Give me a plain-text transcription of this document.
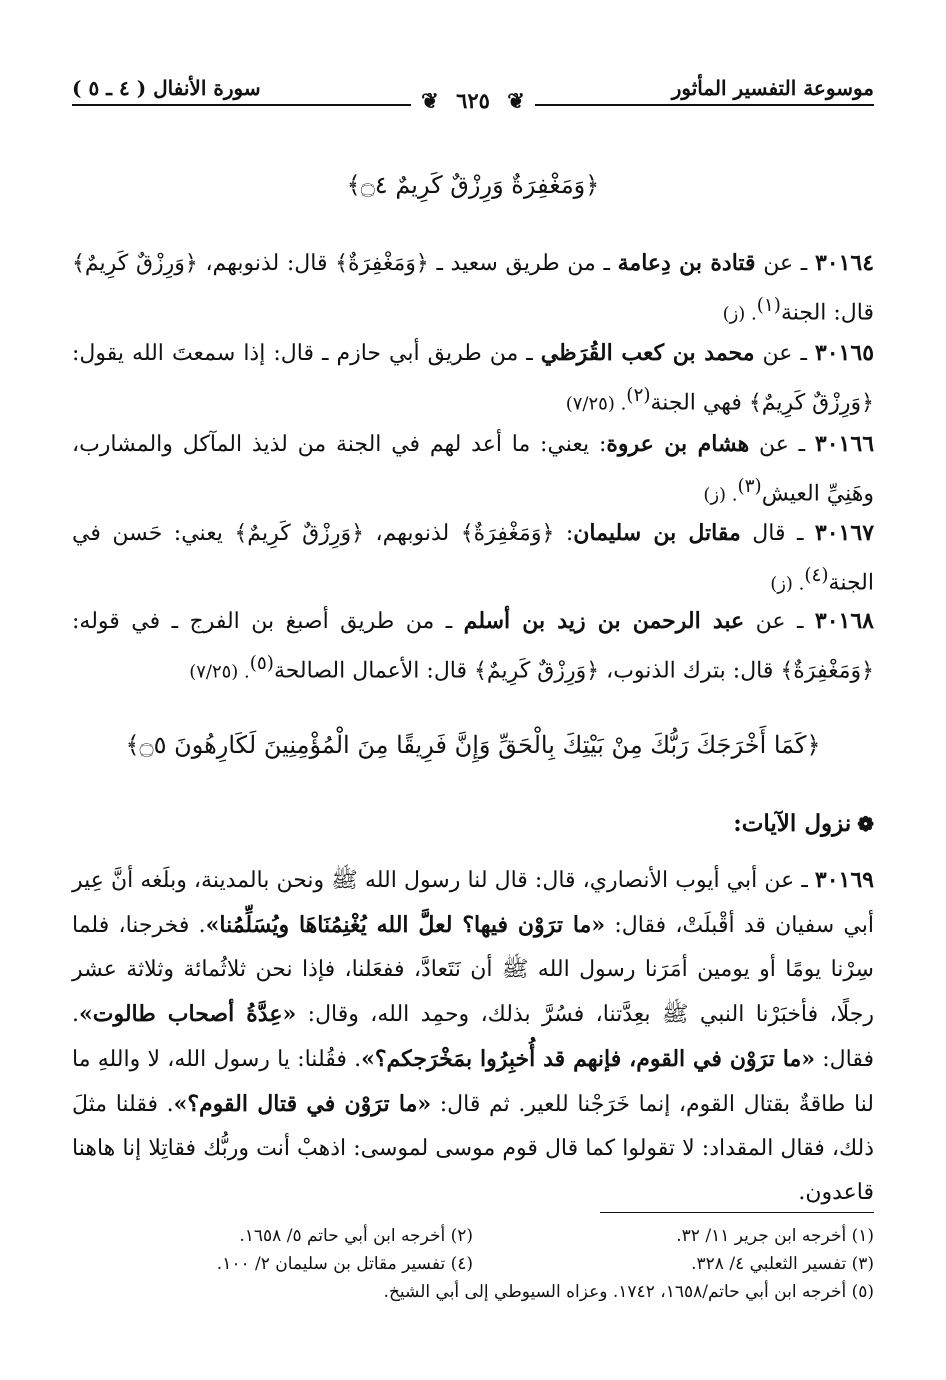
موسوعة التفسير المأثور
سورة الأنفال ( ٤ ـ ٥ )	❦ ٦٢٥ ❦
﴿وَمَغْفِرَةٌ وَرِزْقٌ كَرِيمٌ ۝٤﴾
٣٠١٦٤ ـ عن قتادة بن دِعامة ـ من طريق سعيد ـ ﴿وَمَغْفِرَةٌ﴾ قال: لذنوبهم، ﴿وَرِزْقٌ كَرِيمٌ﴾ قال: الجنة$^{(١)}$. (ز)
٣٠١٦٥ ـ عن محمد بن كعب القُرَظي ـ من طريق أبي حازم ـ قال: إذا سمعتَ الله يقول: ﴿وَرِزْقٌ كَرِيمٌ﴾ فهي الجنة$^{(٢)}$. (٧/٢٥)
٣٠١٦٦ ـ عن هشام بن عروة: يعني: ما أعد لهم في الجنة من لذيذ المآكل والمشارب، وهَنِيِّ العيش$^{(٣)}$. (ز)
٣٠١٦٧ ـ قال مقاتل بن سليمان: ﴿وَمَغْفِرَةٌ﴾ لذنوبهم، ﴿وَرِزْقٌ كَرِيمٌ﴾ يعني: حَسن في الجنة$^{(٤)}$. (ز)
٣٠١٦٨ ـ عن عبد الرحمن بن زيد بن أسلم ـ من طريق أصبغ بن الفرج ـ في قوله: ﴿وَمَغْفِرَةٌ﴾ قال: بترك الذنوب، ﴿وَرِزْقٌ كَرِيمٌ﴾ قال: الأعمال الصالحة$^{(٥)}$. (٧/٢٥)
﴿كَمَا أَخْرَجَكَ رَبُّكَ مِنْ بَيْتِكَ بِالْحَقِّ وَإِنَّ فَرِيقًا مِنَ الْمُؤْمِنِينَ لَكَارِهُونَ ۝٥﴾
❁نزول الآيات:
٣٠١٦٩ ـ عن أبي أيوب الأنصاري، قال: قال لنا رسول الله ﷺ ونحن بالمدينة، وبلَغه أنَّ عِير أبي سفيان قد أقْبلَتْ، فقال: «ما ترَوْن فيها؟ لعلَّ الله يُغْنِمُنَاهَا ويُسَلِّمُنا». فخرجنا، فلما سِرْنا يومًا أو يومين أمَرَنا رسول الله ﷺ أن نَتَعادَّ، ففعَلنا، فإذا نحن ثلاثُمائة وثلاثة عشر رجلًا، فأخبَرْنا النبي ﷺ بعِدَّتنا، فسُرَّ بذلك، وحمِد الله، وقال: «عِدَّةُ أصحاب طالوت». فقال: «ما ترَوْن في القوم، فإنهم قد أُخبِرُوا بمَخْرَجكم؟». فقُلنا: يا رسول الله، لا واللهِ ما لنا طاقةٌ بقتال القوم، إنما خَرَجْنا للعير. ثم قال: «ما ترَوْن في قتال القوم؟». فقلنا مثلَ ذلك، فقال المقداد: لا تقولوا كما قال قوم موسى لموسى: اذهبْ أنت وربُّك فقاتِلا إنا هاهنا قاعدون.
(١) أخرجه ابن جرير ١١/ ٣٢.
(٢) أخرجه ابن أبي حاتم ٥/ ١٦٥٨.
(٣) تفسير الثعلبي ٤/ ٣٢٨.
(٤) تفسير مقاتل بن سليمان ٢/ ١٠٠.
(٥) أخرجه ابن أبي حاتم/١٦٥٨، ١٧٤٢. وعزاه السيوطي إلى أبي الشيخ.
